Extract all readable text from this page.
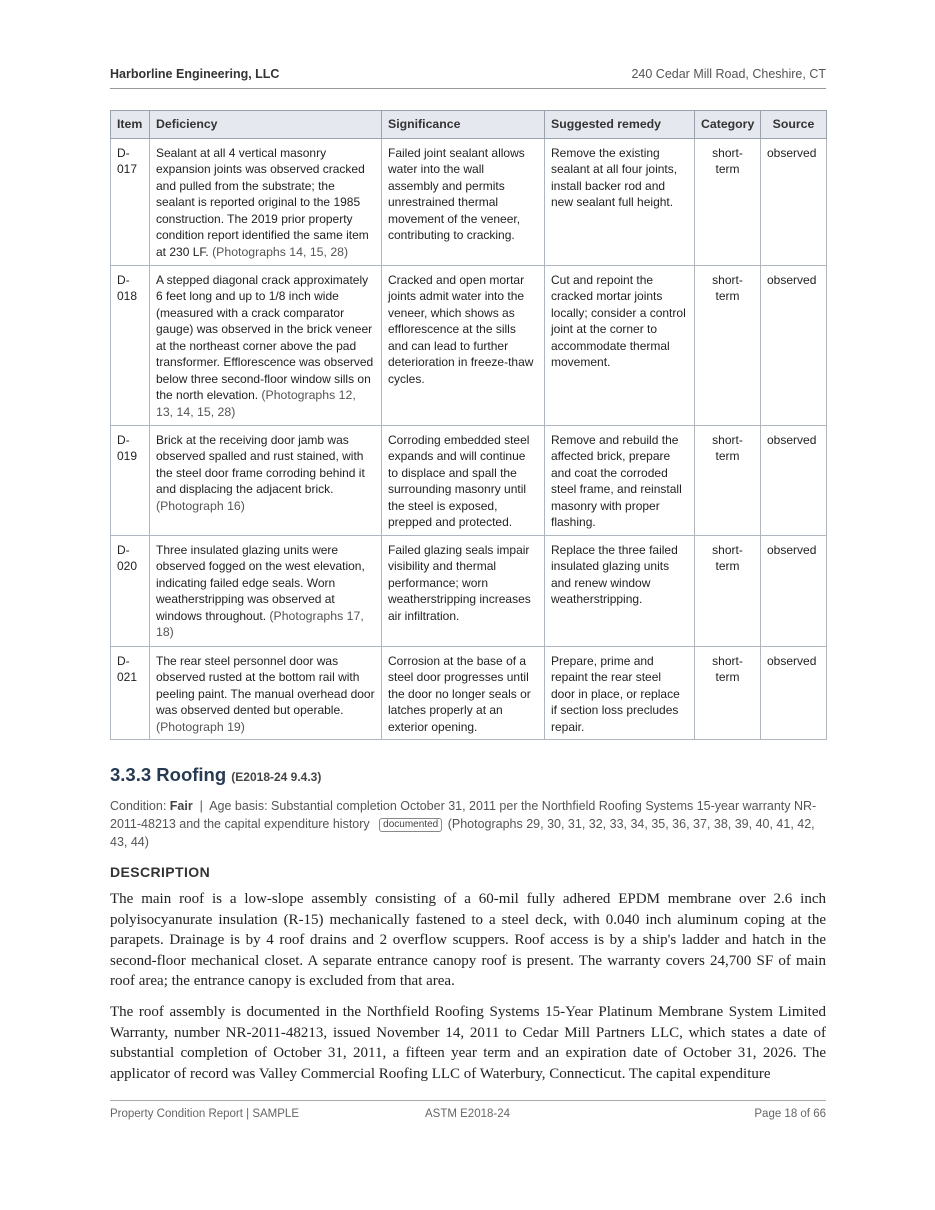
Harborline Engineering, LLC	240 Cedar Mill Road, Cheshire, CT
Item	Deficiency	Significance	Suggested remedy	Category	Source
D-017	Sealant at all 4 vertical masonry expansion joints was observed cracked and pulled from the substrate; the sealant is reported original to the 1985 construction. The 2019 prior property condition report identified the same item at 230 LF. (Photographs 14, 15, 28)	Failed joint sealant allows water into the wall assembly and permits unrestrained thermal movement of the veneer, contributing to cracking.	Remove the existing sealant at all four joints, install backer rod and new sealant full height.	short-term	observed
D-018	A stepped diagonal crack approximately 6 feet long and up to 1/8 inch wide (measured with a crack comparator gauge) was observed in the brick veneer at the northeast corner above the pad transformer. Efflorescence was observed below three second-floor window sills on the north elevation. (Photographs 12, 13, 14, 15, 28)	Cracked and open mortar joints admit water into the veneer, which shows as efflorescence at the sills and can lead to further deterioration in freeze-thaw cycles.	Cut and repoint the cracked mortar joints locally; consider a control joint at the corner to accommodate thermal movement.	short-term	observed
D-019	Brick at the receiving door jamb was observed spalled and rust stained, with the steel door frame corroding behind it and displacing the adjacent brick. (Photograph 16)	Corroding embedded steel expands and will continue to displace and spall the surrounding masonry until the steel is exposed, prepped and protected.	Remove and rebuild the affected brick, prepare and coat the corroded steel frame, and reinstall masonry with proper flashing.	short-term	observed
D-020	Three insulated glazing units were observed fogged on the west elevation, indicating failed edge seals. Worn weatherstripping was observed at windows throughout. (Photographs 17, 18)	Failed glazing seals impair visibility and thermal performance; worn weatherstripping increases air infiltration.	Replace the three failed insulated glazing units and renew window weatherstripping.	short-term	observed
D-021	The rear steel personnel door was observed rusted at the bottom rail with peeling paint. The manual overhead door was observed dented but operable. (Photograph 19)	Corrosion at the base of a steel door progresses until the door no longer seals or latches properly at an exterior opening.	Prepare, prime and repaint the rear steel door in place, or replace if section loss precludes repair.	short-term	observed
3.3.3 Roofing (E2018-24 9.4.3)
Condition: Fair | Age basis: Substantial completion October 31, 2011 per the Northfield Roofing Systems 15-year warranty NR-2011-48213 and the capital expenditure history documented (Photographs 29, 30, 31, 32, 33, 34, 35, 36, 37, 38, 39, 40, 41, 42, 43, 44)
DESCRIPTION

The main roof is a low-slope assembly consisting of a 60-mil fully adhered EPDM membrane over 2.6 inch polyisocyanurate insulation (R-15) mechanically fastened to a steel deck, with 0.040 inch aluminum coping at the parapets. Drainage is by 4 roof drains and 2 overflow scuppers. Roof access is by a ship's ladder and hatch in the second-floor mechanical closet. A separate entrance canopy roof is present. The warranty covers 24,700 SF of main roof area; the entrance canopy is excluded from that area.

The roof assembly is documented in the Northfield Roofing Systems 15-Year Platinum Membrane System Limited Warranty, number NR-2011-48213, issued November 14, 2011 to Cedar Mill Partners LLC, which states a date of substantial completion of October 31, 2011, a fifteen year term and an expiration date of October 31, 2026. The applicator of record was Valley Commercial Roofing LLC of Waterbury, Connecticut. The capital expenditure

Property Condition Report | SAMPLE	ASTM E2018-24	Page 18 of 66
